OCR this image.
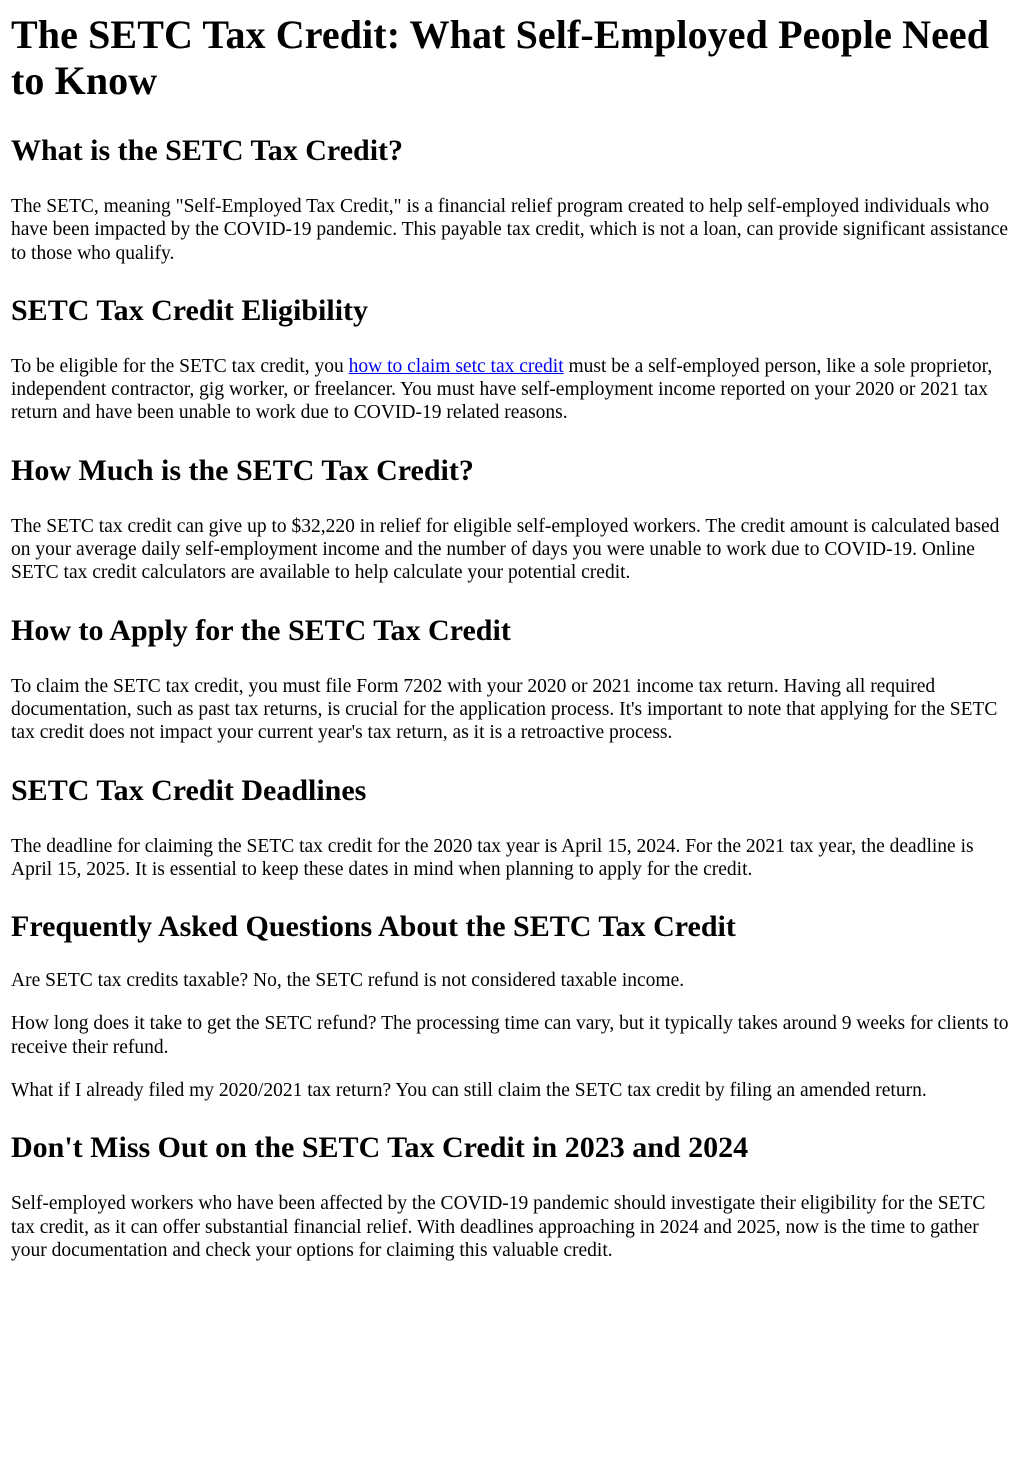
The SETC Tax Credit: What Self-Employed People Need to Know
What is the SETC Tax Credit?

The SETC, meaning "Self-Employed Tax Credit," is a financial relief program created to help self-employed individuals who have been impacted by the COVID-19 pandemic. This payable tax credit, which is not a loan, can provide significant assistance to those who qualify.

SETC Tax Credit Eligibility

To be eligible for the SETC tax credit, you how to claim setc tax credit must be a self-employed person, like a sole proprietor, independent contractor, gig worker, or freelancer. You must have self-employment income reported on your 2020 or 2021 tax return and have been unable to work due to COVID-19 related reasons.

How Much is the SETC Tax Credit?

The SETC tax credit can give up to $32,220 in relief for eligible self-employed workers. The credit amount is calculated based on your average daily self-employment income and the number of days you were unable to work due to COVID-19. Online SETC tax credit calculators are available to help calculate your potential credit.

How to Apply for the SETC Tax Credit

To claim the SETC tax credit, you must file Form 7202 with your 2020 or 2021 income tax return. Having all required documentation, such as past tax returns, is crucial for the application process. It's important to note that applying for the SETC tax credit does not impact your current year's tax return, as it is a retroactive process.

SETC Tax Credit Deadlines

The deadline for claiming the SETC tax credit for the 2020 tax year is April 15, 2024. For the 2021 tax year, the deadline is April 15, 2025. It is essential to keep these dates in mind when planning to apply for the credit.

Frequently Asked Questions About the SETC Tax Credit

Are SETC tax credits taxable? No, the SETC refund is not considered taxable income.

How long does it take to get the SETC refund? The processing time can vary, but it typically takes around 9 weeks for clients to receive their refund.

What if I already filed my 2020/2021 tax return? You can still claim the SETC tax credit by filing an amended return.

Don't Miss Out on the SETC Tax Credit in 2023 and 2024

Self-employed workers who have been affected by the COVID-19 pandemic should investigate their eligibility for the SETC tax credit, as it can offer substantial financial relief. With deadlines approaching in 2024 and 2025, now is the time to gather your documentation and check your options for claiming this valuable credit.
